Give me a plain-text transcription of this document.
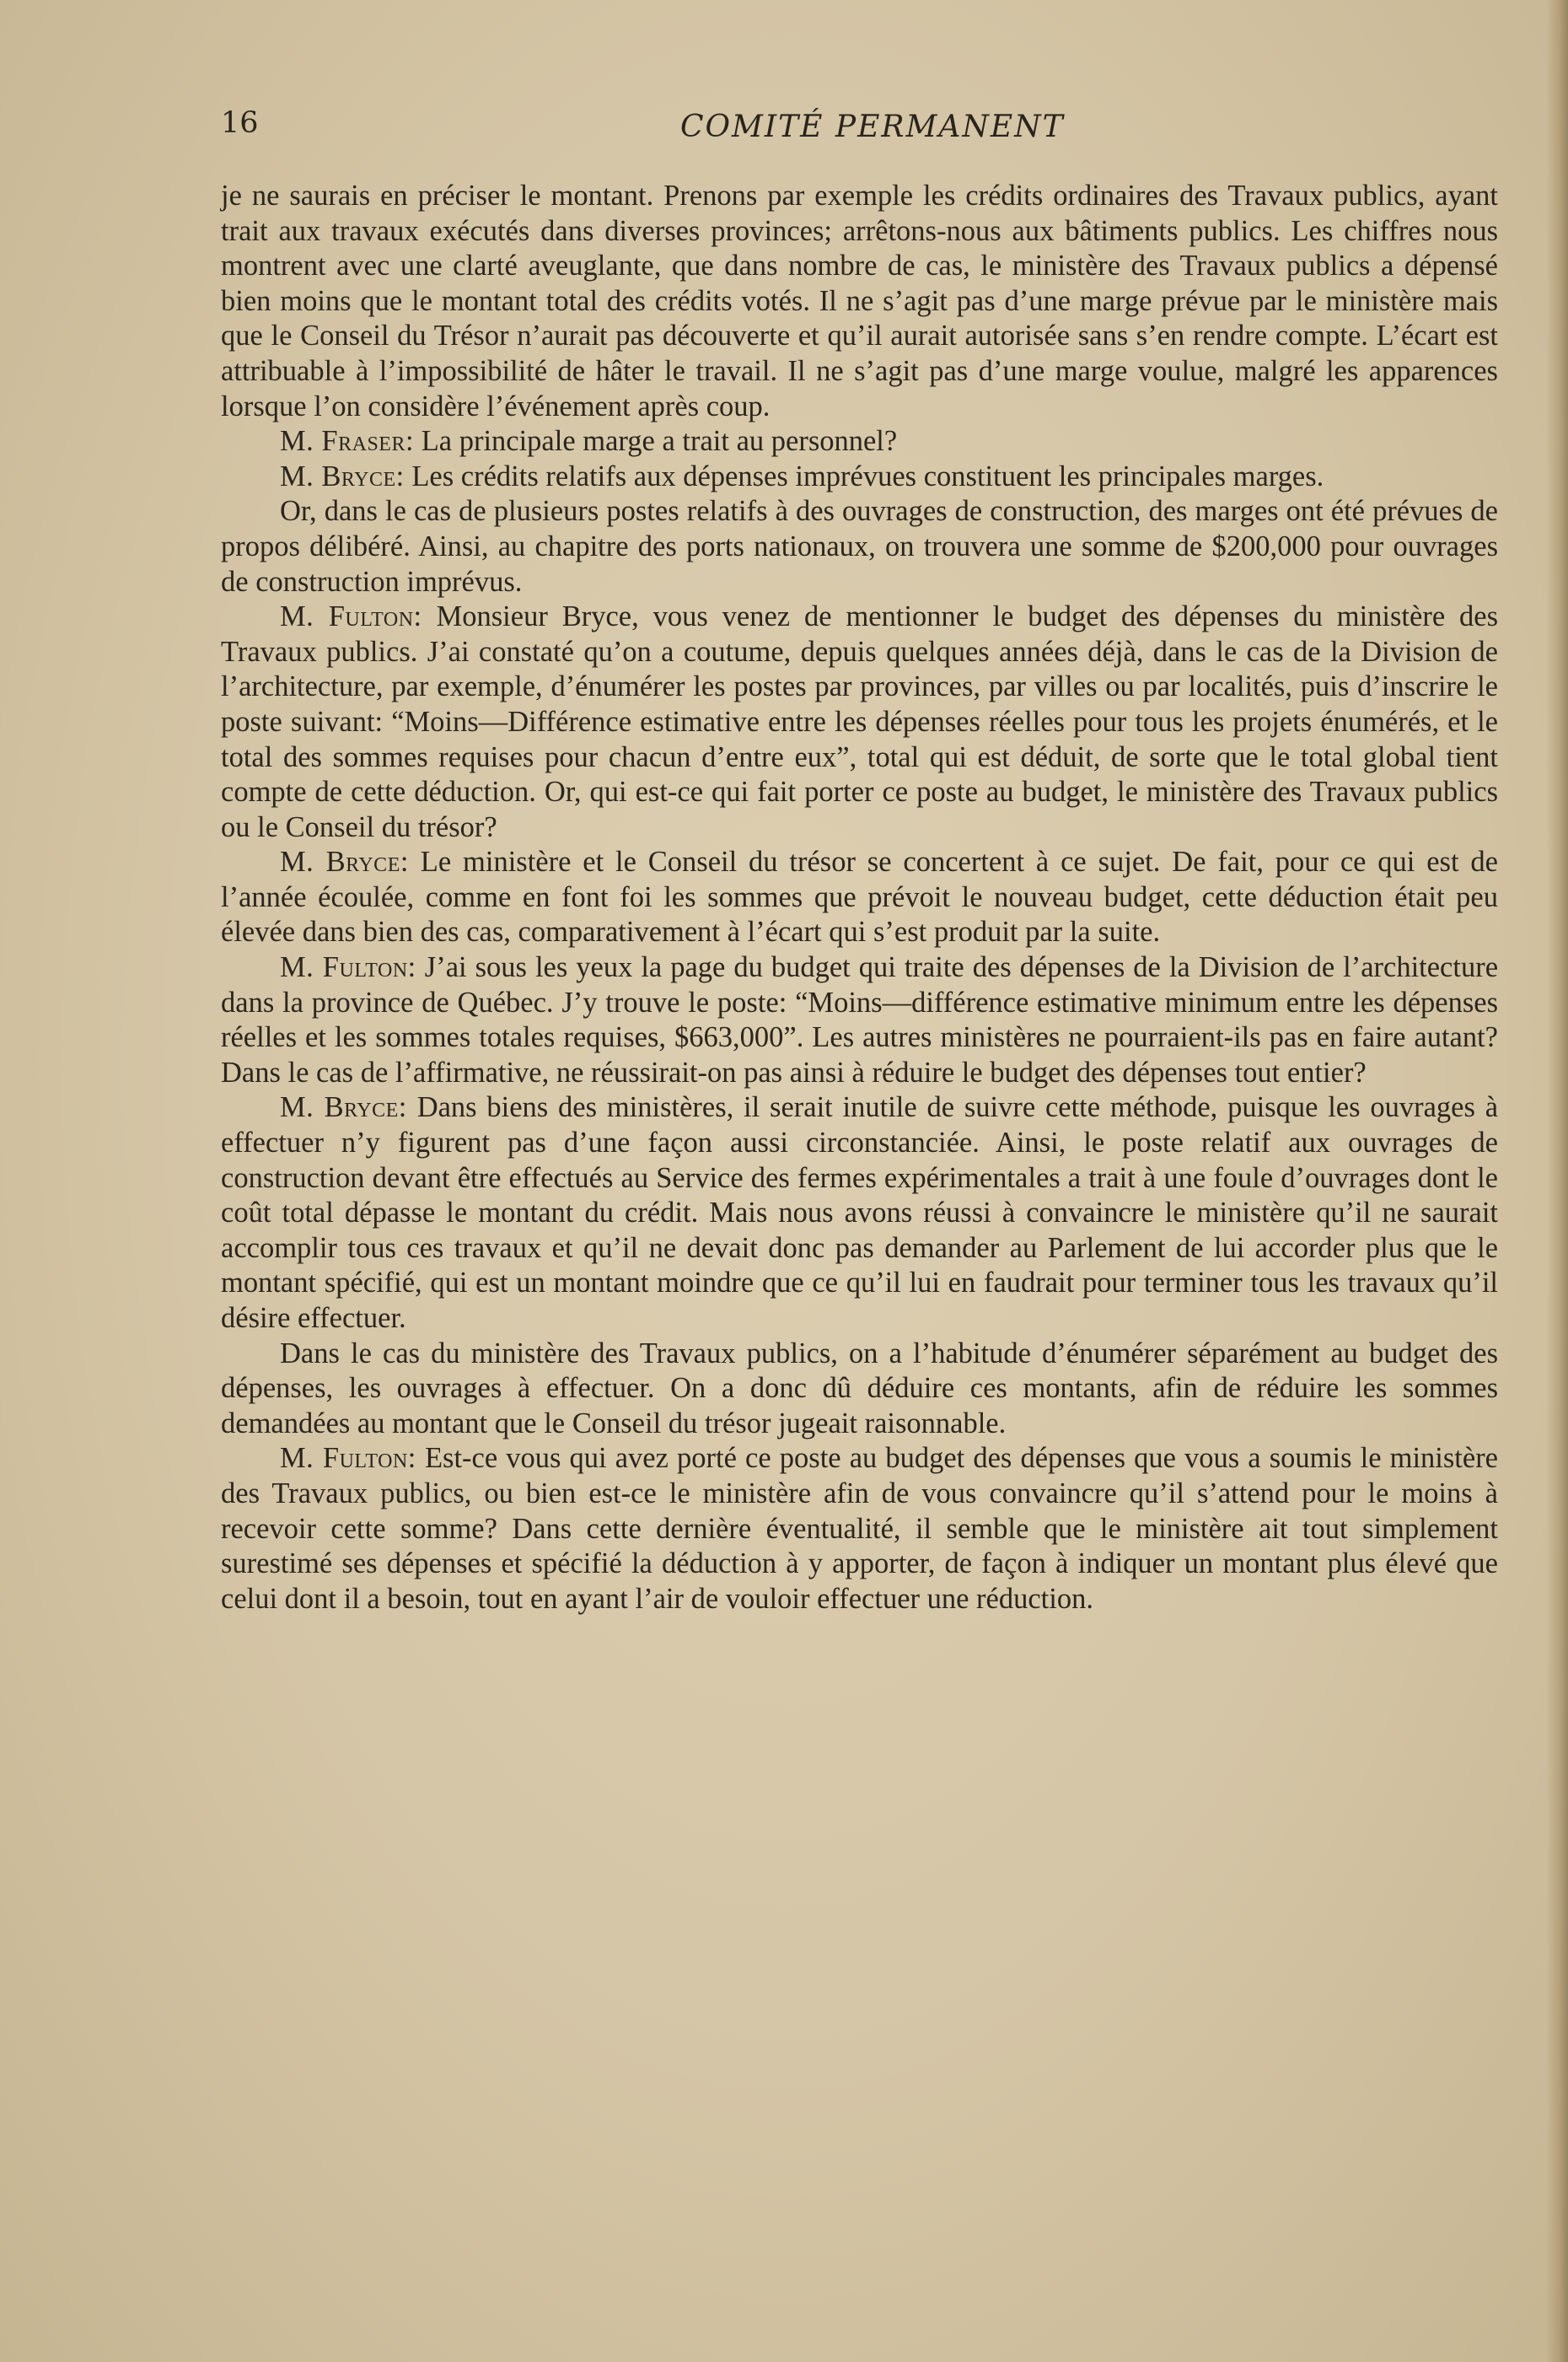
16	COMITÉ PERMANENT

je ne saurais en préciser le montant. Prenons par exemple les crédits ordinaires des Travaux publics, ayant trait aux travaux exécutés dans diverses provinces; arrêtons-nous aux bâtiments publics. Les chiffres nous montrent avec une clarté aveuglante, que dans nombre de cas, le ministère des Travaux publics a dépensé bien moins que le montant total des crédits votés. Il ne s’agit pas d’une marge prévue par le ministère mais que le Conseil du Trésor n’aurait pas découverte et qu’il aurait autorisée sans s’en rendre compte. L’écart est attribuable à l’impossibilité de hâter le travail. Il ne s’agit pas d’une marge voulue, malgré les apparences lorsque l’on considère l’événement après coup.

M. Fraser: La principale marge a trait au personnel?

M. Bryce: Les crédits relatifs aux dépenses imprévues constituent les principales marges.

Or, dans le cas de plusieurs postes relatifs à des ouvrages de construction, des marges ont été prévues de propos délibéré. Ainsi, au chapitre des ports nationaux, on trouvera une somme de $200,000 pour ouvrages de construction imprévus.

M. Fulton: Monsieur Bryce, vous venez de mentionner le budget des dépenses du ministère des Travaux publics. J’ai constaté qu’on a coutume, depuis quelques années déjà, dans le cas de la Division de l’architecture, par exemple, d’énumérer les postes par provinces, par villes ou par localités, puis d’inscrire le poste suivant: “Moins—Différence estimative entre les dépenses réelles pour tous les projets énumérés, et le total des sommes requises pour chacun d’entre eux”, total qui est déduit, de sorte que le total global tient compte de cette déduction. Or, qui est-ce qui fait porter ce poste au budget, le ministère des Travaux publics ou le Conseil du trésor?

M. Bryce: Le ministère et le Conseil du trésor se concertent à ce sujet. De fait, pour ce qui est de l’année écoulée, comme en font foi les sommes que prévoit le nouveau budget, cette déduction était peu élevée dans bien des cas, comparativement à l’écart qui s’est produit par la suite.

M. Fulton: J’ai sous les yeux la page du budget qui traite des dépenses de la Division de l’architecture dans la province de Québec. J’y trouve le poste: “Moins—différence estimative minimum entre les dépenses réelles et les sommes totales requises, $663,000”. Les autres ministères ne pourraient-ils pas en faire autant? Dans le cas de l’affirmative, ne réussirait-on pas ainsi à réduire le budget des dépenses tout entier?

M. Bryce: Dans biens des ministères, il serait inutile de suivre cette méthode, puisque les ouvrages à effectuer n’y figurent pas d’une façon aussi circonstanciée. Ainsi, le poste relatif aux ouvrages de construction devant être effectués au Service des fermes expérimentales a trait à une foule d’ouvrages dont le coût total dépasse le montant du crédit. Mais nous avons réussi à convaincre le ministère qu’il ne saurait accomplir tous ces travaux et qu’il ne devait donc pas demander au Parlement de lui accorder plus que le montant spécifié, qui est un montant moindre que ce qu’il lui en faudrait pour terminer tous les travaux qu’il désire effectuer.

Dans le cas du ministère des Travaux publics, on a l’habitude d’énumérer séparément au budget des dépenses, les ouvrages à effectuer. On a donc dû déduire ces montants, afin de réduire les sommes demandées au montant que le Conseil du trésor jugeait raisonnable.

M. Fulton: Est-ce vous qui avez porté ce poste au budget des dépenses que vous a soumis le ministère des Travaux publics, ou bien est-ce le ministère afin de vous convaincre qu’il s’attend pour le moins à recevoir cette somme? Dans cette dernière éventualité, il semble que le ministère ait tout simplement surestimé ses dépenses et spécifié la déduction à y apporter, de façon à indiquer un montant plus élevé que celui dont il a besoin, tout en ayant l’air de vouloir effectuer une réduction.
